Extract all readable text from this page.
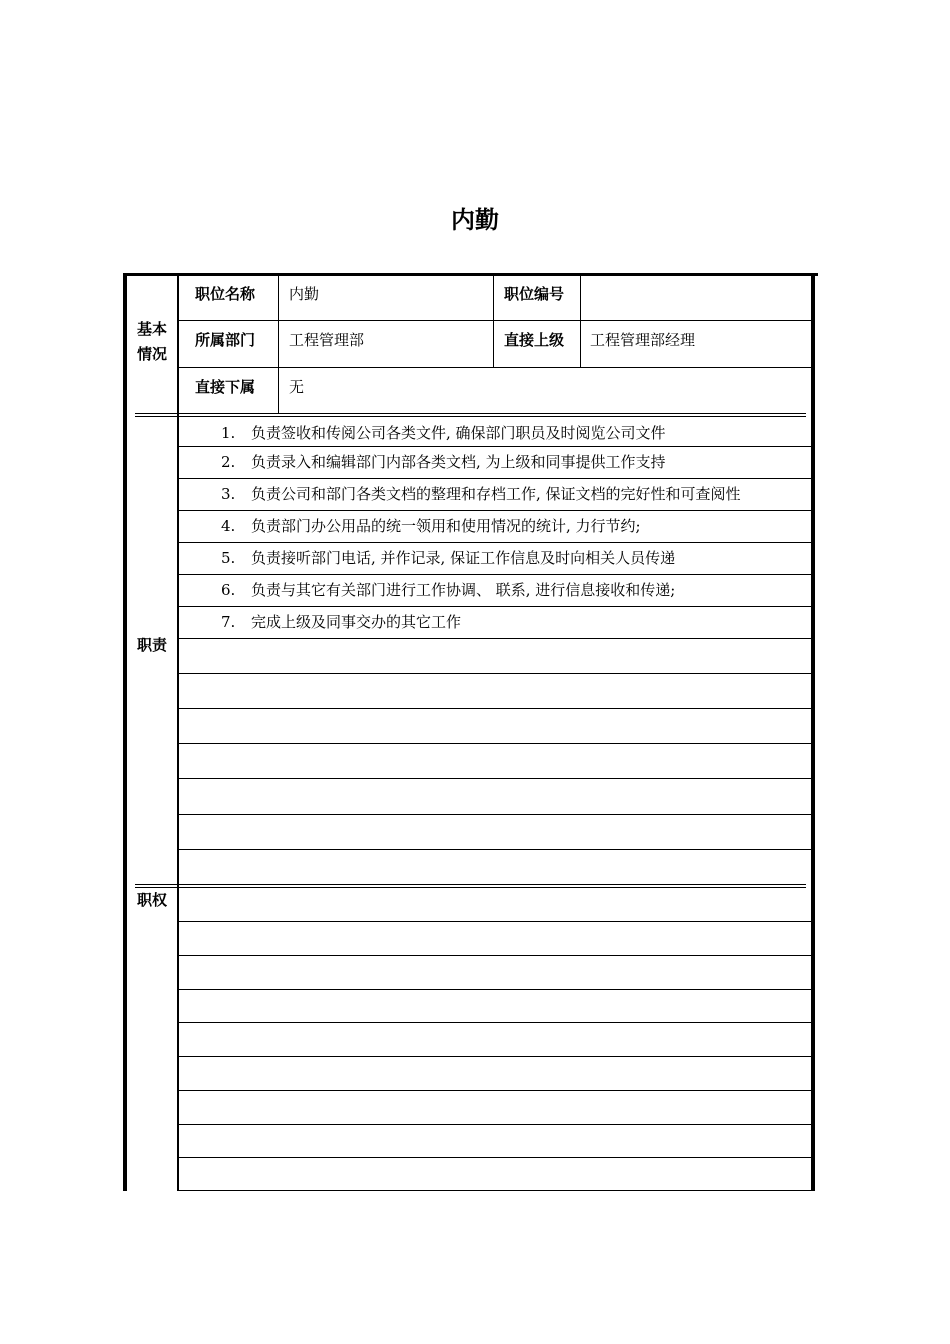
内勤
基本
情况
职位名称 内勤	职位编号
所属部门 工程管理部	直接上级 工程管理部经理
直接下属 无
职责
职权
1. 负责签收和传阅公司各类文件, 确保部门职员及时阅览公司文件
2. 负责录入和编辑部门内部各类文档, 为上级和同事提供工作支持
3. 负责公司和部门各类文档的整理和存档工作, 保证文档的完好性和可查阅性
4. 负责部门办公用品的统一领用和使用情况的统计, 力行节约;
5. 负责接听部门电话, 并作记录, 保证工作信息及时向相关人员传递
6. 负责与其它有关部门进行工作协调、 联系, 进行信息接收和传递;
7. 完成上级及同事交办的其它工作
